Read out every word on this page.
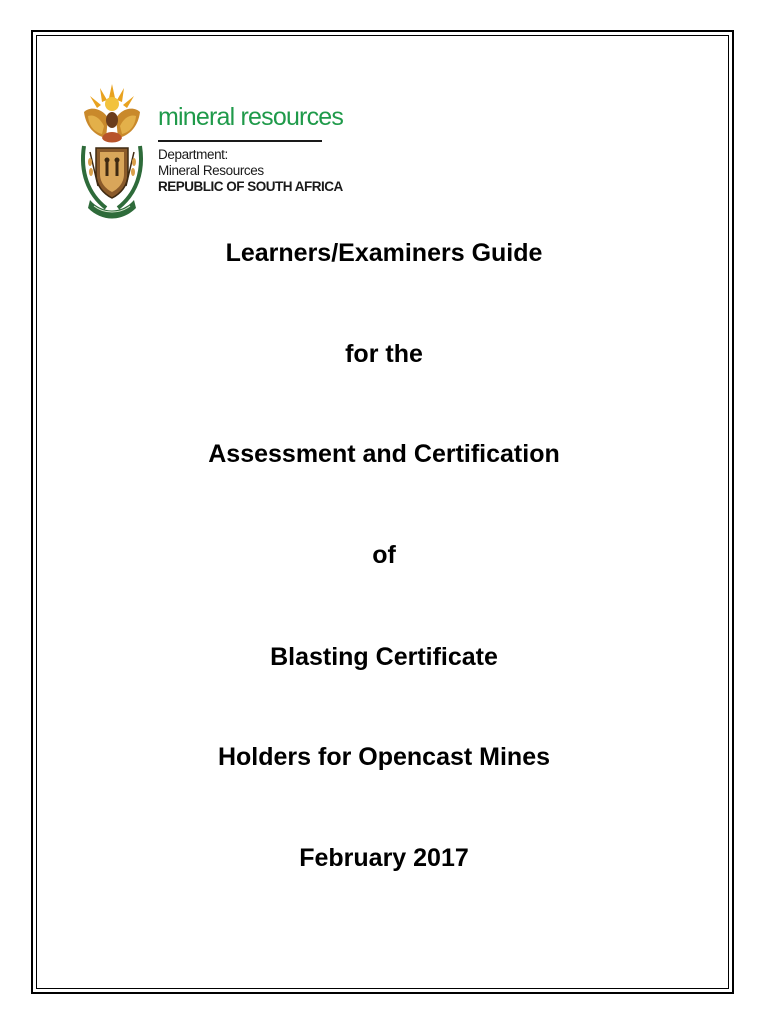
mineral resources
Department:
Mineral Resources
REPUBLIC OF SOUTH AFRICA
Learners/Examiners Guide
for the
Assessment and Certification
of
Blasting Certificate
Holders for Opencast Mines
February 2017
